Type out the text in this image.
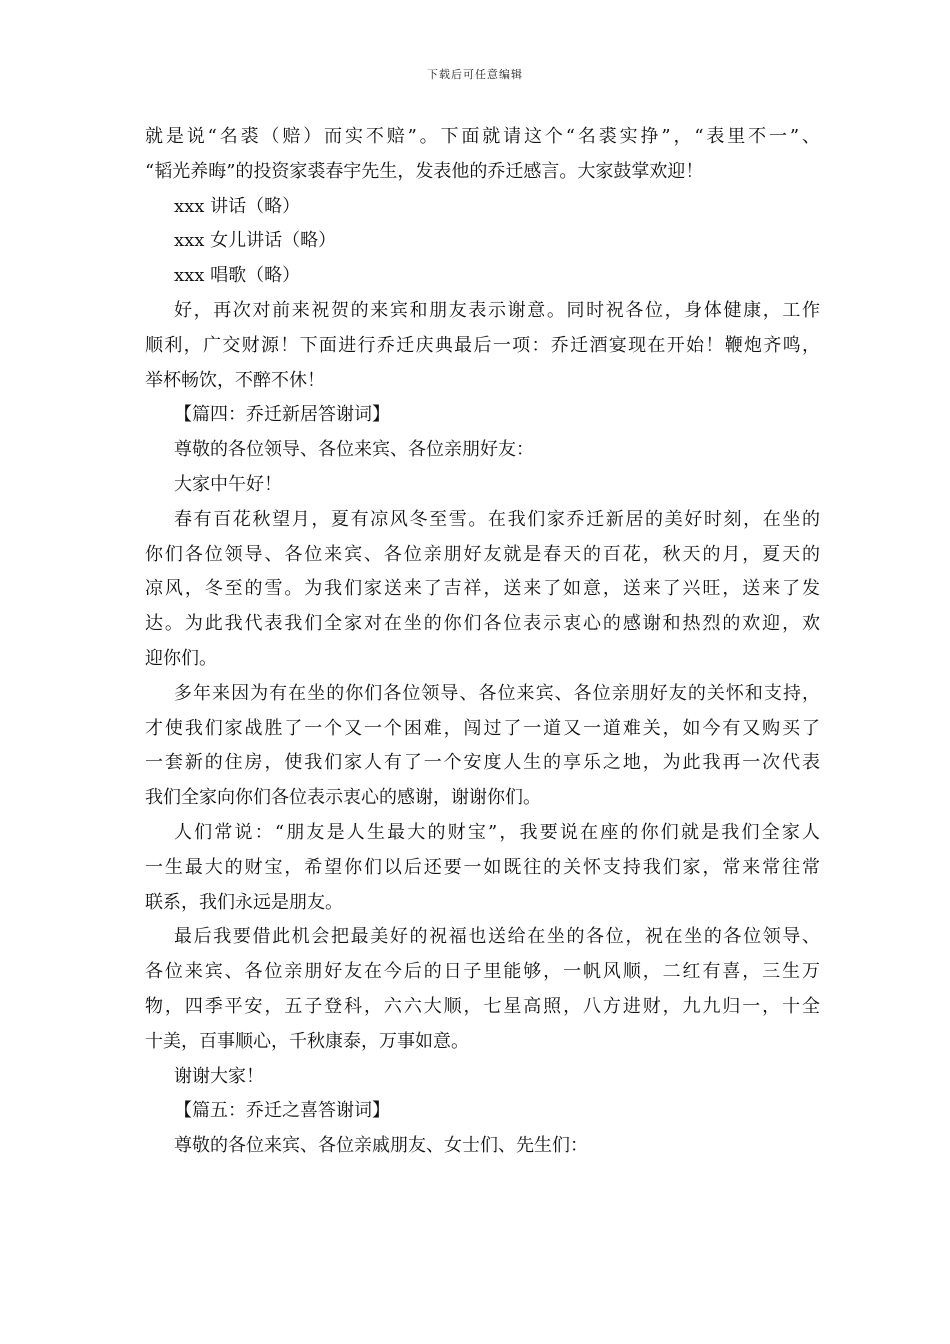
下载后可任意编辑
就是说“名裘（赔）而实不赔”。下面就请这个“名裘实挣”，“表里不一”、
“韬光养晦”的投资家裘春宇先生，发表他的乔迁感言。大家鼓掌欢迎！
xxx 讲话（略）
xxx 女儿讲话（略）
xxx 唱歌（略）
好，再次对前来祝贺的来宾和朋友表示谢意。同时祝各位，身体健康，工作
顺利，广交财源！下面进行乔迁庆典最后一项：乔迁酒宴现在开始！鞭炮齐鸣，
举杯畅饮，不醉不休！
【篇四：乔迁新居答谢词】
尊敬的各位领导、各位来宾、各位亲朋好友：
大家中午好！
春有百花秋望月，夏有凉风冬至雪。在我们家乔迁新居的美好时刻，在坐的
你们各位领导、各位来宾、各位亲朋好友就是春天的百花，秋天的月，夏天的
凉风，冬至的雪。为我们家送来了吉祥，送来了如意，送来了兴旺，送来了发
达。为此我代表我们全家对在坐的你们各位表示衷心的感谢和热烈的欢迎，欢
迎你们。
多年来因为有在坐的你们各位领导、各位来宾、各位亲朋好友的关怀和支持，
才使我们家战胜了一个又一个困难，闯过了一道又一道难关，如今有又购买了
一套新的住房，使我们家人有了一个安度人生的享乐之地，为此我再一次代表
我们全家向你们各位表示衷心的感谢，谢谢你们。
人们常说：“朋友是人生最大的财宝”，我要说在座的你们就是我们全家人
一生最大的财宝，希望你们以后还要一如既往的关怀支持我们家，常来常往常
联系，我们永远是朋友。
最后我要借此机会把最美好的祝福也送给在坐的各位，祝在坐的各位领导、
各位来宾、各位亲朋好友在今后的日子里能够，一帆风顺，二红有喜，三生万
物，四季平安，五子登科，六六大顺，七星高照，八方进财，九九归一，十全
十美，百事顺心，千秋康泰，万事如意。
谢谢大家！
【篇五：乔迁之喜答谢词】
尊敬的各位来宾、各位亲戚朋友、女士们、先生们：
